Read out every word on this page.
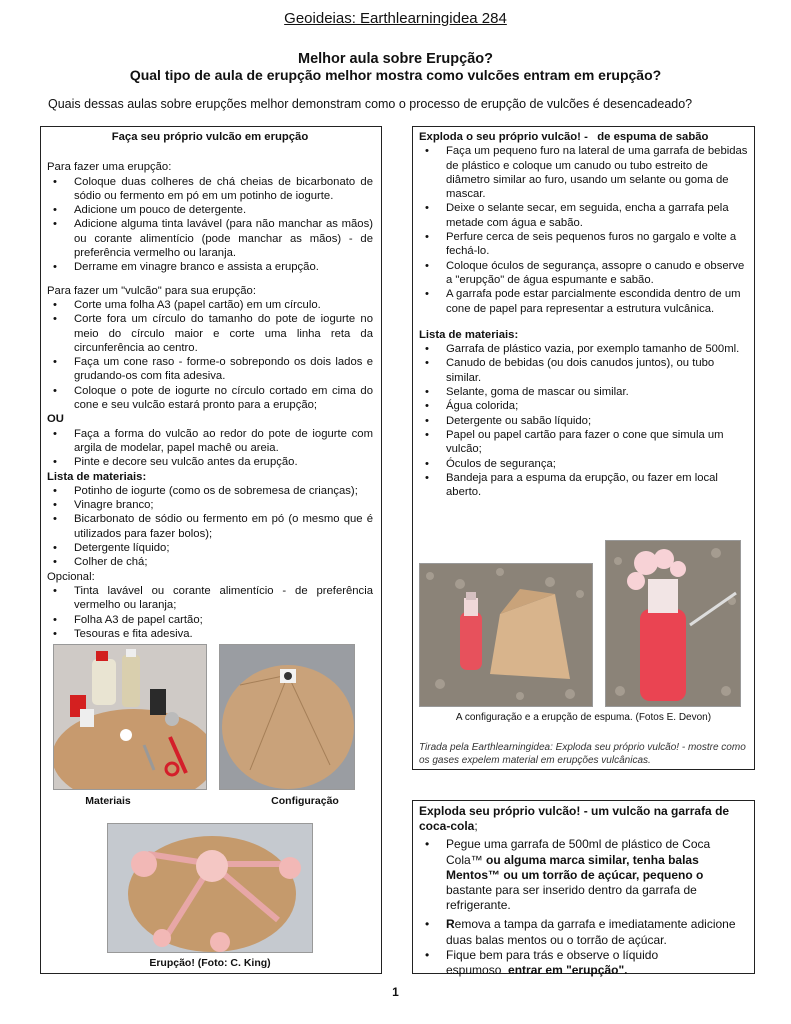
Geoideias: Earthlearningidea 284
Melhor aula sobre Erupção?
Qual tipo de aula de erupção melhor mostra como vulcões entram em erupção?
Quais dessas aulas sobre erupções melhor demonstram como o processo de erupção de vulcões é desencadeado?

Faça seu próprio vulcão em erupção

Para fazer uma erupção:

• Coloque duas colheres de chá cheias de bicarbonato de sódio ou fermento em pó em um potinho de iogurte.
• Adicione um pouco de detergente.
• Adicione alguma tinta lavável (para não manchar as mãos) ou corante alimentício (pode manchar as mãos) - de preferência vermelho ou laranja.
• Derrame em vinagre branco e assista a erupção.

Para fazer um "vulcão" para sua erupção:

• Corte uma folha A3 (papel cartão) em um círculo.
• Corte fora um círculo do tamanho do pote de iogurte no meio do círculo maior e corte uma linha reta da circunferência ao centro.
• Faça um cone raso - forme-o sobrepondo os dois lados e grudando-os com fita adesiva.
• Coloque o pote de iogurte no círculo cortado em cima do cone e seu vulcão estará pronto para a erupção;

OU

• Faça a forma do vulcão ao redor do pote de iogurte com argila de modelar, papel machê ou areia.
• Pinte e decore seu vulcão antes da erupção.

Lista de materiais:

• Potinho de iogurte (como os de sobremesa de crianças);
• Vinagre branco;
• Bicarbonato de sódio ou fermento em pó (o mesmo que é utilizados para fazer bolos);
• Detergente líquido;
• Colher de chá;

Opcional:

• Tinta lavável ou corante alimentício - de preferência vermelho ou laranja;
• Folha A3 de papel cartão;
• Tesouras e fita adesiva.
Materiais	Configuração
Erupção! (Foto: C. King)

Exploda o seu próprio vulcão! - de espuma de sabão

• Faça um pequeno furo na lateral de uma garrafa de bebidas de plástico e coloque um canudo ou tubo estreito de diâmetro similar ao furo, usando um selante ou goma de mascar.
• Deixe o selante secar, em seguida, encha a garrafa pela metade com água e sabão.
• Perfure cerca de seis pequenos furos no gargalo e volte a fechá-lo.
• Coloque óculos de segurança, assopre o canudo e observe a "erupção" de água espumante e sabão.
• A garrafa pode estar parcialmente escondida dentro de um cone de papel para representar a estrutura vulcânica.

Lista de materiais:

• Garrafa de plástico vazia, por exemplo tamanho de 500ml.
• Canudo de bebidas (ou dois canudos juntos), ou tubo similar.
• Selante, goma de mascar ou similar.
• Água colorida;
• Detergente ou sabão líquido;
• Papel ou papel cartão para fazer o cone que simula um vulcão;
• Óculos de segurança;
• Bandeja para a espuma da erupção, ou fazer em local aberto.
A configuração e a erupção de espuma. (Fotos E. Devon)
Tirada pela Earthlearningidea: Exploda seu próprio vulcão! - mostre como os gases expelem material em erupções vulcânicas.

Exploda seu próprio vulcão! - um vulcão na garrafa de coca-cola;

• Pegue uma garrafa de 500ml de plástico de Coca Cola™ ou alguma marca similar, tenha balas Mentos™ ou um torrão de açúcar, pequeno o bastante para ser inserido dentro da garrafa de refrigerante.
• Remova a tampa da garrafa e imediatamente adicione duas balas mentos ou o torrão de açúcar.
• Fique bem para trás e observe o líquido espumoso entrar em "erupção".
1
